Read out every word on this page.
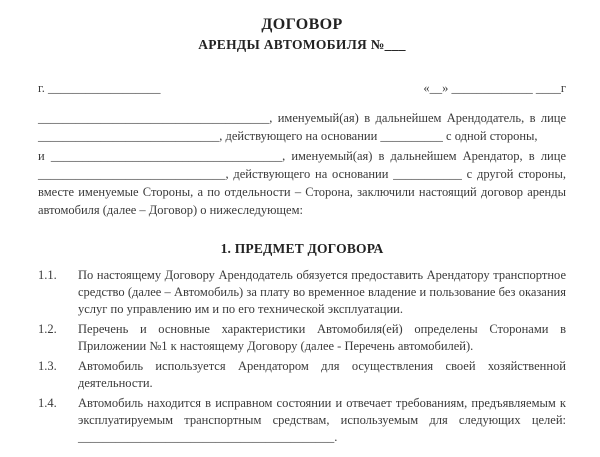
ДОГОВОР
АРЕНДЫ АВТОМОБИЛЯ №___
г. __________________	«__» _____________ ____г

_____________________________________, именуемый(ая) в дальнейшем Арендодатель, в лице _____________________________, действующего на основании __________ с одной стороны,

и _____________________________________, именуемый(ая) в дальнейшем Арендатор, в лице ______________________________, действующего на основании ___________ с другой стороны, вместе именуемые Стороны, а по отдельности – Сторона, заключили настоящий договор аренды автомобиля (далее – Договор) о нижеследующем:

1. ПРЕДМЕТ ДОГОВОРА
1.1.	По настоящему Договору Арендодатель обязуется предоставить Арендатору транспортное средство (далее – Автомобиль) за плату во временное владение и пользование без оказания услуг по управлению им и по его технической эксплуатации.
1.2.	Перечень и основные характеристики Автомобиля(ей) определены Сторонами в Приложении №1 к настоящему Договору (далее - Перечень автомобилей).
1.3.	Автомобиль используется Арендатором для осуществления своей хозяйственной деятельности.
1.4.	Автомобиль находится в исправном состоянии и отвечает требованиям, предъявляемым к эксплуатируемым транспортным средствам, используемым для следующих целей: _________________________________________.
